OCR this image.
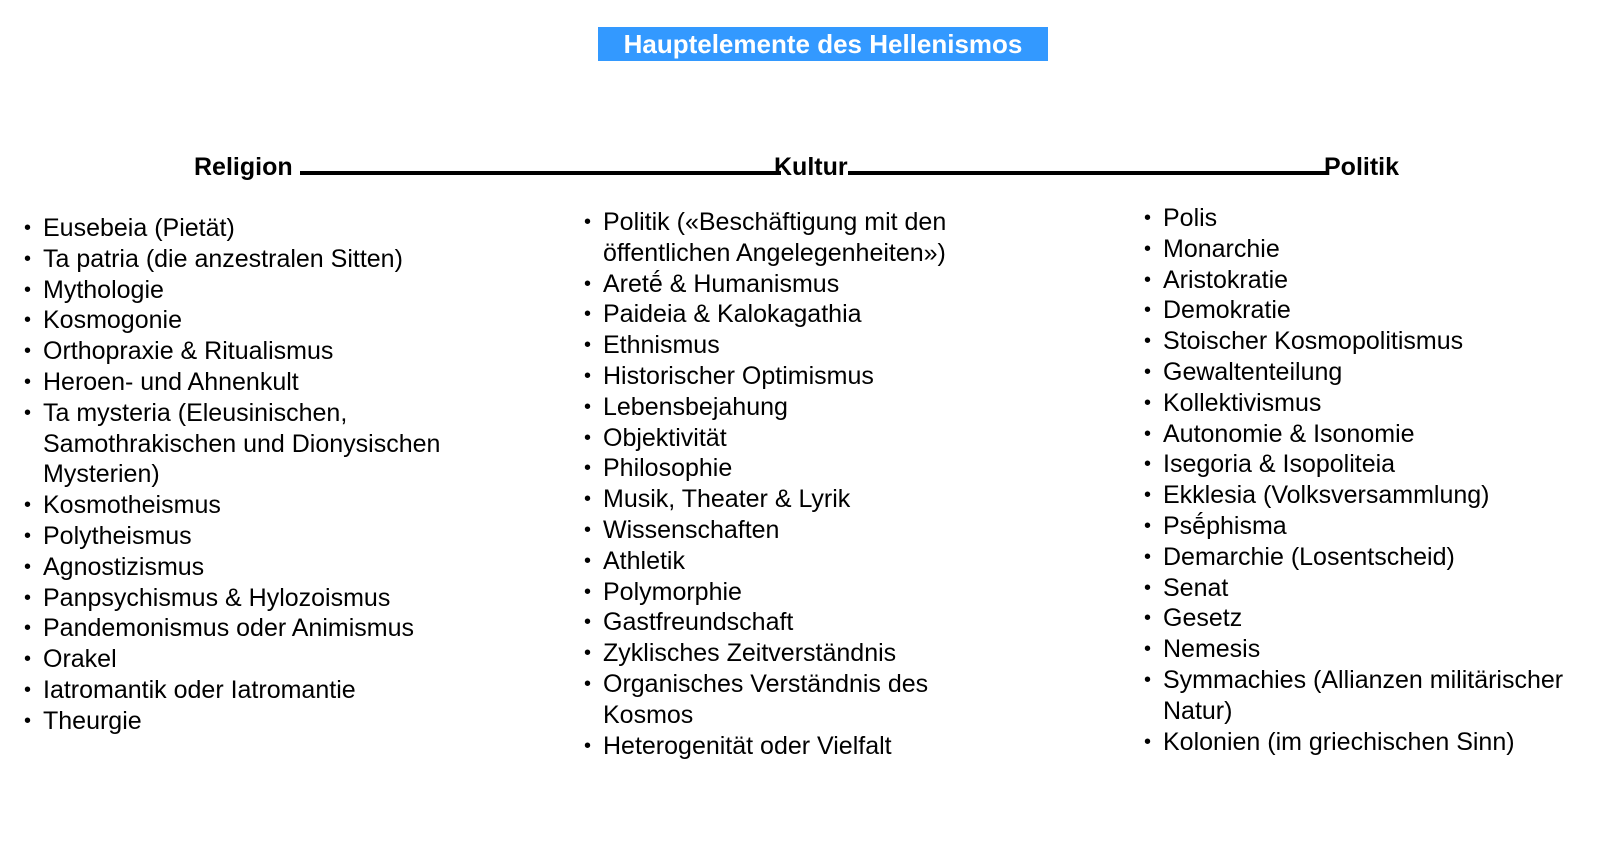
Hauptelemente des Hellenismos
Religion	Kultur	Politik
• Eusebeia (Pietät)
• Ta patria (die anzestralen Sitten)
• Mythologie
• Kosmogonie
• Orthopraxie & Ritualismus
• Heroen- und Ahnenkult
• Ta mysteria (Eleusinischen,
Samothrakischen und Dionysischen
Mysterien)
• Kosmotheismus
• Polytheismus
• Agnostizismus
• Panpsychismus & Hylozoismus
• Pandemonismus oder Animismus
• Orakel
• Iatromantik oder Iatromantie
• Theurgie
• Politik («Beschäftigung mit den
öffentlichen Angelegenheiten»)
• Aretḗ & Humanismus
• Paideia & Kalokagathia
• Ethnismus
• Historischer Optimismus
• Lebensbejahung
• Objektivität
• Philosophie
• Musik, Theater & Lyrik
• Wissenschaften
• Athletik
• Polymorphie
• Gastfreundschaft
• Zyklisches Zeitverständnis
• Organisches Verständnis des
Kosmos
• Heterogenität oder Vielfalt
• Polis
• Monarchie
• Aristokratie
• Demokratie
• Stoischer Kosmopolitismus
• Gewaltenteilung
• Kollektivismus
• Autonomie & Isonomie
• Isegoria & Isopoliteia
• Ekklesia (Volksversammlung)
• Psḗphisma
• Demarchie (Losentscheid)
• Senat
• Gesetz
• Nemesis
• Symmachies (Allianzen militärischer
Natur)
• Kolonien (im griechischen Sinn)
